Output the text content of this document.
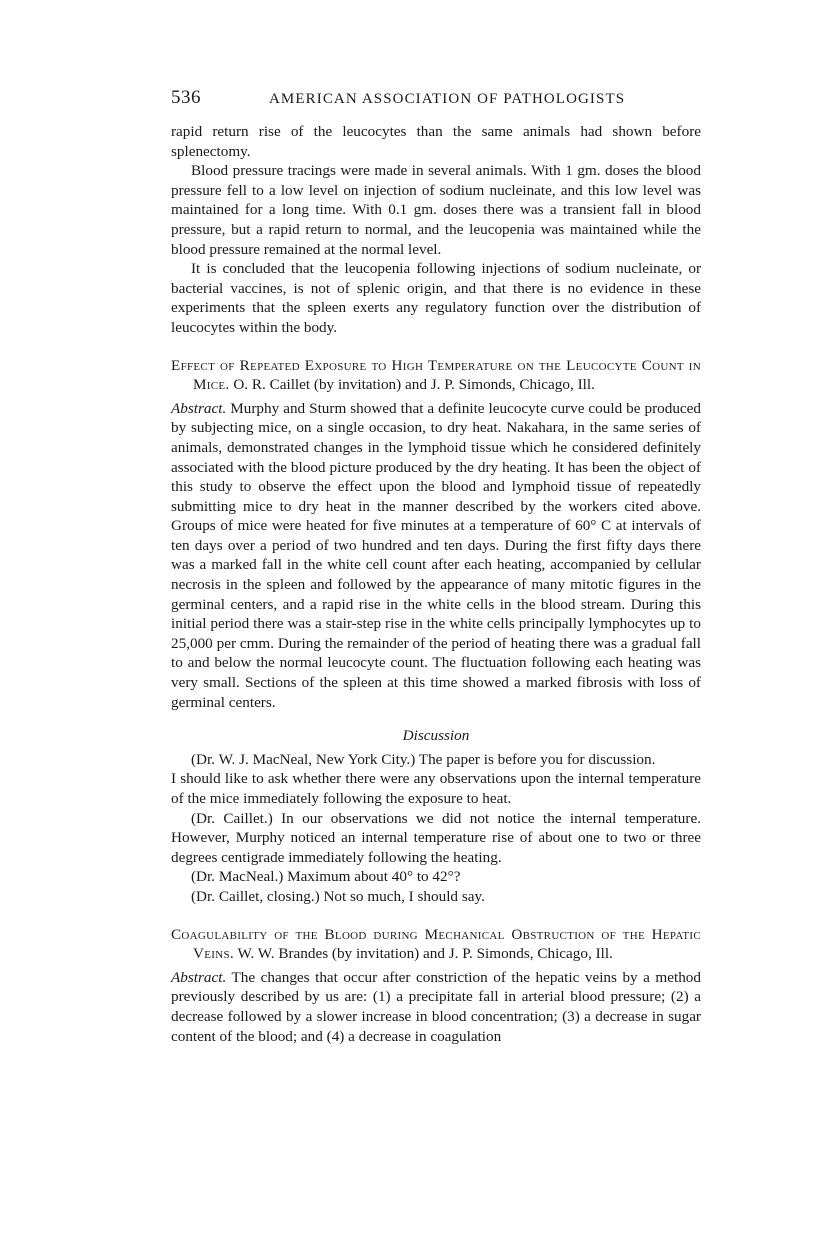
536	AMERICAN ASSOCIATION OF PATHOLOGISTS

rapid return rise of the leucocytes than the same animals had shown before splenectomy.

Blood pressure tracings were made in several animals. With 1 gm. doses the blood pressure fell to a low level on injection of sodium nucleinate, and this low level was maintained for a long time. With 0.1 gm. doses there was a transient fall in blood pressure, but a rapid return to normal, and the leucopenia was maintained while the blood pressure remained at the normal level.

It is concluded that the leucopenia following injections of sodium nucleinate, or bacterial vaccines, is not of splenic origin, and that there is no evidence in these experiments that the spleen exerts any regulatory function over the distribution of leucocytes within the body.

Effect of Repeated Exposure to High Temperature on the Leucocyte Count in Mice. O. R. Caillet (by invitation) and J. P. Simonds, Chicago, Ill.

Abstract. Murphy and Sturm showed that a definite leucocyte curve could be produced by subjecting mice, on a single occasion, to dry heat. Nakahara, in the same series of animals, demonstrated changes in the lymphoid tissue which he considered definitely associated with the blood picture produced by the dry heating. It has been the object of this study to observe the effect upon the blood and lymphoid tissue of repeatedly submitting mice to dry heat in the manner described by the workers cited above. Groups of mice were heated for five minutes at a temperature of 60° C at intervals of ten days over a period of two hundred and ten days. During the first fifty days there was a marked fall in the white cell count after each heating, accompanied by cellular necrosis in the spleen and followed by the appearance of many mitotic figures in the germinal centers, and a rapid rise in the white cells in the blood stream. During this initial period there was a stair-step rise in the white cells principally lymphocytes up to 25,000 per cmm. During the remainder of the period of heating there was a gradual fall to and below the normal leucocyte count. The fluctuation following each heating was very small. Sections of the spleen at this time showed a marked fibrosis with loss of germinal centers.

Discussion

(Dr. W. J. MacNeal, New York City.) The paper is before you for discussion.

I should like to ask whether there were any observations upon the internal temperature of the mice immediately following the exposure to heat.

(Dr. Caillet.) In our observations we did not notice the internal temperature. However, Murphy noticed an internal temperature rise of about one to two or three degrees centigrade immediately following the heating.

(Dr. MacNeal.) Maximum about 40° to 42°?

(Dr. Caillet, closing.) Not so much, I should say.

Coagulability of the Blood during Mechanical Obstruction of the Hepatic Veins. W. W. Brandes (by invitation) and J. P. Simonds, Chicago, Ill.

Abstract. The changes that occur after constriction of the hepatic veins by a method previously described by us are: (1) a precipitate fall in arterial blood pressure; (2) a decrease followed by a slower increase in blood concentration; (3) a decrease in sugar content of the blood; and (4) a decrease in coagulation
